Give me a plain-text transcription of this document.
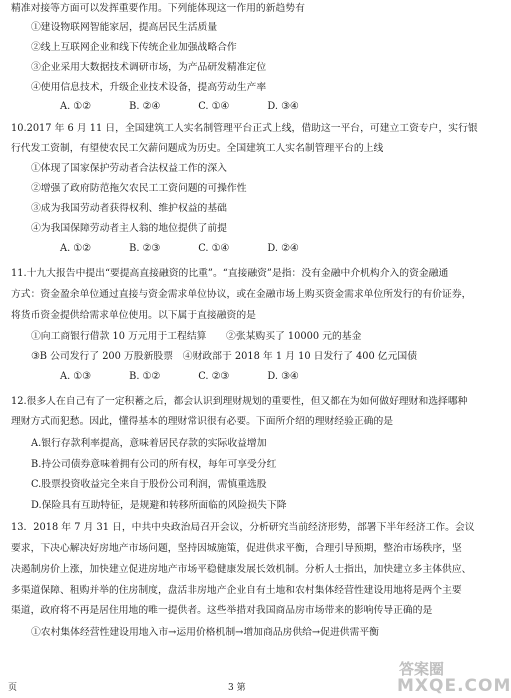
精准对接等方面可以发挥重要作用。下列能体现这一作用的新趋势有
①建设物联网智能家居，提高居民生活质量
②线上互联网企业和线下传统企业加强战略合作
③企业采用大数据技术调研市场，为产品研发精准定位
④使用信息技术，升级企业技术设备，提高劳动生产率
A. ①②	B. ②④	C. ①④	D. ③④
10.2017 年 6 月 11 日，全国建筑工人实名制管理平台正式上线，借助这一平台，可建立工资专户，实行银
行代发工资制，有望使农民工欠薪问题成为历史。全国建筑工人实名制管理平台的上线
①体现了国家保护劳动者合法权益工作的深入
②增强了政府防范拖欠农民工工资问题的可操作性
③成为我国劳动者获得权利、维护权益的基础
④为我国保障劳动者主人翁的地位提供了前提
A. ①②	B. ②③	C. ①④	D. ②④
11.十九大报告中提出“要提高直接融资的比重”。“直接融资”是指：没有金融中介机构介入的资金融通
方式：资金盈余单位通过直接与资金需求单位协议，或在金融市场上购买资金需求单位所发行的有价证券，
将货币资金提供给需求单位使用。以下属于直接融资的是
①向工商银行借款 10 万元用于工程结算　　②张某购买了 10000 元的基金
③B 公司发行了 200 万股新股票　④财政部于 2018 年 1 月 10 日发行了 400 亿元国债
A. ①③	B. ①②	C. ②③	D. ③④
12.很多人在自己有了一定积蓄之后，都会认识到理财规划的重要性，但又都在为如何做好理财和选择哪种
理财方式而犯愁。因此，懂得基本的理财常识很有必要。下面所介绍的理财经验正确的是
A.银行存款利率提高，意味着居民存款的实际收益增加
B.持公司债券意味着拥有公司的所有权，每年可享受分红
C.股票投资收益完全来自于股份公司利润，需慎重选股
D.保险具有互助特征，是规避和转移所面临的风险损失下降
13．2018 年 7 月 31 日，中共中央政治局召开会议，分析研究当前经济形势，部署下半年经济工作。会议
要求，下决心解决好房地产市场问题，坚持因城施策，促进供求平衡，合理引导预期，整治市场秩序，坚
决遏制房价上涨，加快建立促进房地产市场平稳健康发展长效机制。分析人士指出，加快建立多主体供应、
多渠道保障、租购并举的住房制度，盘活非房地产企业自有土地和农村集体经营性建设用地将是两个主要
渠道，政府将不再是居住用地的唯一提供者。这些举措对我国商品房市场带来的影响传导正确的是
①农村集体经营性建设用地入市→运用价格机制→增加商品房供给→促进供需平衡
页	3 第
答案圈
MXQE.COM
